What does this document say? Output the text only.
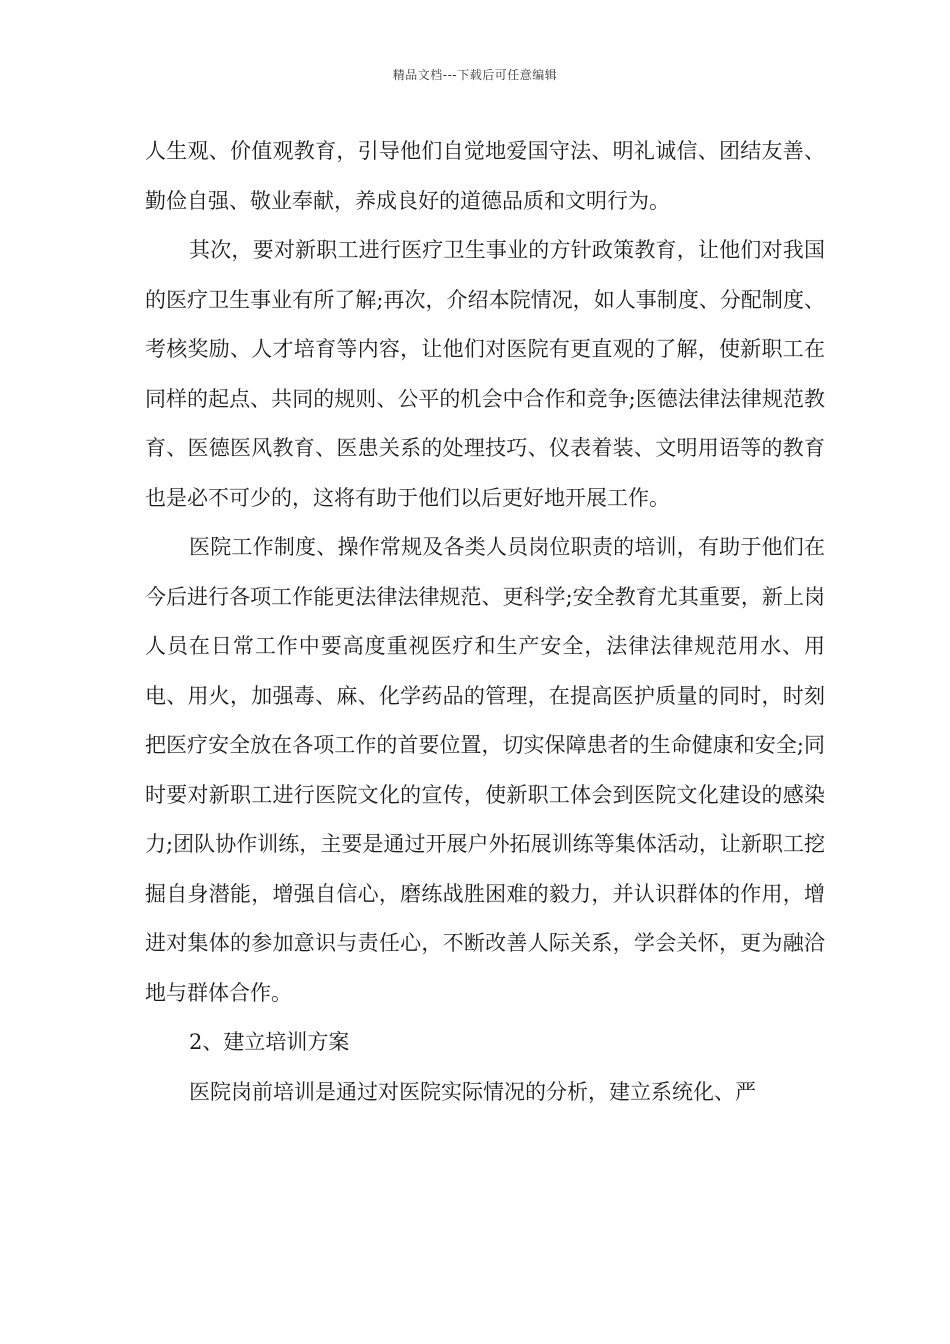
精品文档---下载后可任意编辑

人生观、价值观教育，引导他们自觉地爱国守法、明礼诚信、团结友善、勤俭自强、敬业奉献，养成良好的道德品质和文明行为。

其次，要对新职工进行医疗卫生事业的方针政策教育，让他们对我国的医疗卫生事业有所了解;再次，介绍本院情况，如人事制度、分配制度、考核奖励、人才培育等内容，让他们对医院有更直观的了解，使新职工在同样的起点、共同的规则、公平的机会中合作和竞争;医德法律法律规范教育、医德医风教育、医患关系的处理技巧、仪表着装、文明用语等的教育也是必不可少的，这将有助于他们以后更好地开展工作。

医院工作制度、操作常规及各类人员岗位职责的培训，有助于他们在今后进行各项工作能更法律法律规范、更科学;安全教育尤其重要，新上岗人员在日常工作中要高度重视医疗和生产安全，法律法律规范用水、用电、用火，加强毒、麻、化学药品的管理，在提高医护质量的同时，时刻把医疗安全放在各项工作的首要位置，切实保障患者的生命健康和安全;同时要对新职工进行医院文化的宣传，使新职工体会到医院文化建设的感染力;团队协作训练，主要是通过开展户外拓展训练等集体活动，让新职工挖掘自身潜能，增强自信心，磨练战胜困难的毅力，并认识群体的作用，增进对集体的参加意识与责任心，不断改善人际关系，学会关怀，更为融洽地与群体合作。

2、建立培训方案

医院岗前培训是通过对医院实际情况的分析，建立系统化、严
